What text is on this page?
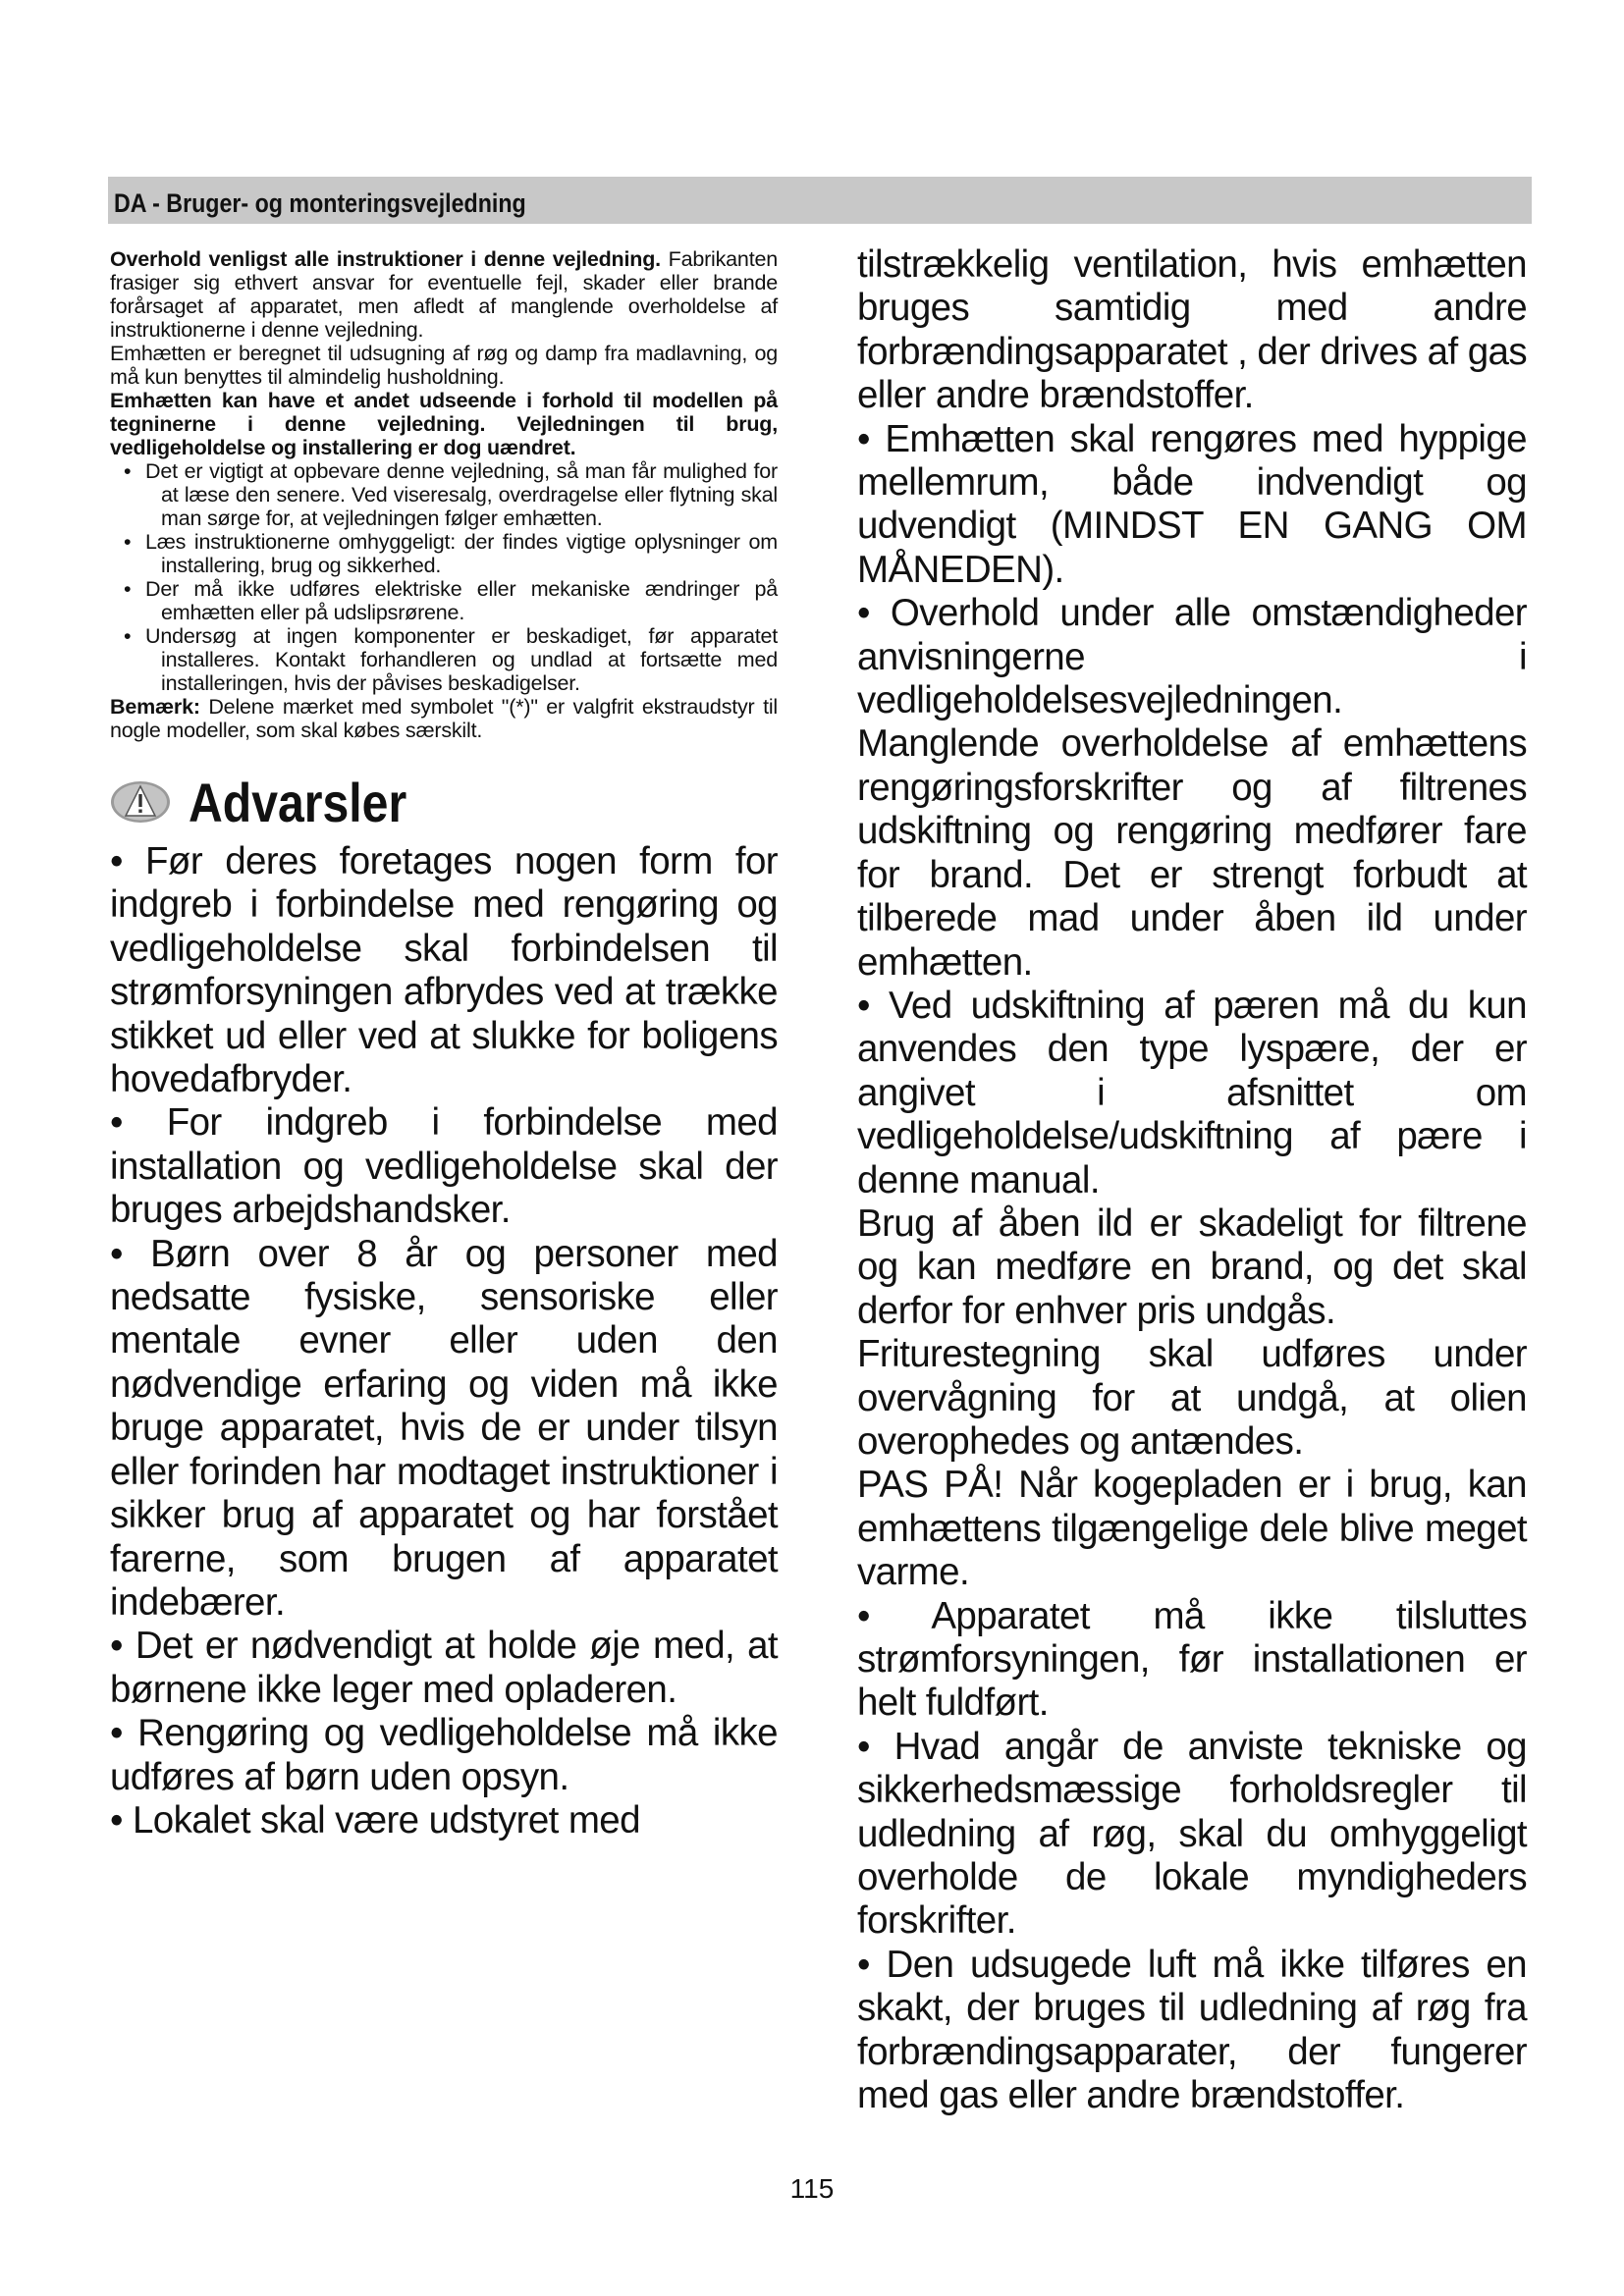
DA - Bruger- og monteringsvejledning

Overhold venligst alle instruktioner i denne vejledning. Fabrikanten frasiger sig ethvert ansvar for eventuelle fejl, skader eller brande forårsaget af apparatet, men afledt af manglende overholdelse af instruktionerne i denne vejledning.

Emhætten er beregnet til udsugning af røg og damp fra madlavning, og må kun benyttes til almindelig husholdning.

Emhætten kan have et andet udseende i forhold til modellen på tegninerne i denne vejledning. Vejledningen til brug, vedligeholdelse og installering er dog uændret.

• Det er vigtigt at opbevare denne vejledning, så man får mulighed for at læse den senere. Ved viseresalg, overdragelse eller flytning skal man sørge for, at vejledningen følger emhætten.
• Læs instruktionerne omhyggeligt: der findes vigtige oplysninger om installering, brug og sikkerhed.
• Der må ikke udføres elektriske eller mekaniske ændringer på emhætten eller på udslipsrørene.
• Undersøg at ingen komponenter er beskadiget, før apparatet installeres. Kontakt forhandleren og undlad at fortsætte med installeringen, hvis der påvises beskadigelser.

Bemærk: Delene mærket med symbolet "(*)" er valgfrit ekstraudstyr til nogle modeller, som skal købes særskilt.

Advarsler

• Før deres foretages nogen form for indgreb i forbindelse med rengøring og vedligeholdelse skal forbindelsen til strømforsyningen afbrydes ved at trække stikket ud eller ved at slukke for boligens hovedafbryder.

• For indgreb i forbindelse med installation og vedligeholdelse skal der bruges arbejdshandsker.

• Børn over 8 år og personer med nedsatte fysiske, sensoriske eller mentale evner eller uden den nødvendige erfaring og viden må ikke bruge apparatet, hvis de er under tilsyn eller forinden har modtaget instruktioner i sikker brug af apparatet og har forstået farerne, som brugen af apparatet indebærer.

• Det er nødvendigt at holde øje med, at børnene ikke leger med opladeren.

• Rengøring og vedligeholdelse må ikke udføres af børn uden opsyn.

• Lokalet skal være udstyret med

tilstrækkelig ventilation, hvis emhætten bruges samtidig med andre forbrændingsapparatet , der drives af gas eller andre brændstoffer.

• Emhætten skal rengøres med hyppige mellemrum, både indvendigt og udvendigt (MINDST EN GANG OM MÅNEDEN).

• Overhold under alle omstændigheder anvisningerne i vedligeholdelsesvejledningen.

Manglende overholdelse af emhættens rengøringsforskrifter og af filtrenes udskiftning og rengøring medfører fare for brand. Det er strengt forbudt at tilberede mad under åben ild under emhætten.

• Ved udskiftning af pæren må du kun anvendes den type lyspære, der er angivet i afsnittet om vedligeholdelse/udskiftning af pære i denne manual.

Brug af åben ild er skadeligt for filtrene og kan medføre en brand, og det skal derfor for enhver pris undgås.

Friturestegning skal udføres under overvågning for at undgå, at olien overophedes og antændes.

PAS PÅ! Når kogepladen er i brug, kan emhættens tilgængelige dele blive meget varme.

• Apparatet må ikke tilsluttes strømforsyningen, før installationen er helt fuldført.

• Hvad angår de anviste tekniske og sikkerhedsmæssige forholdsregler til udledning af røg, skal du omhyggeligt overholde de lokale myndigheders forskrifter.

• Den udsugede luft må ikke tilføres en skakt, der bruges til udledning af røg fra forbrændingsapparater, der fungerer med gas eller andre brændstoffer.

115
